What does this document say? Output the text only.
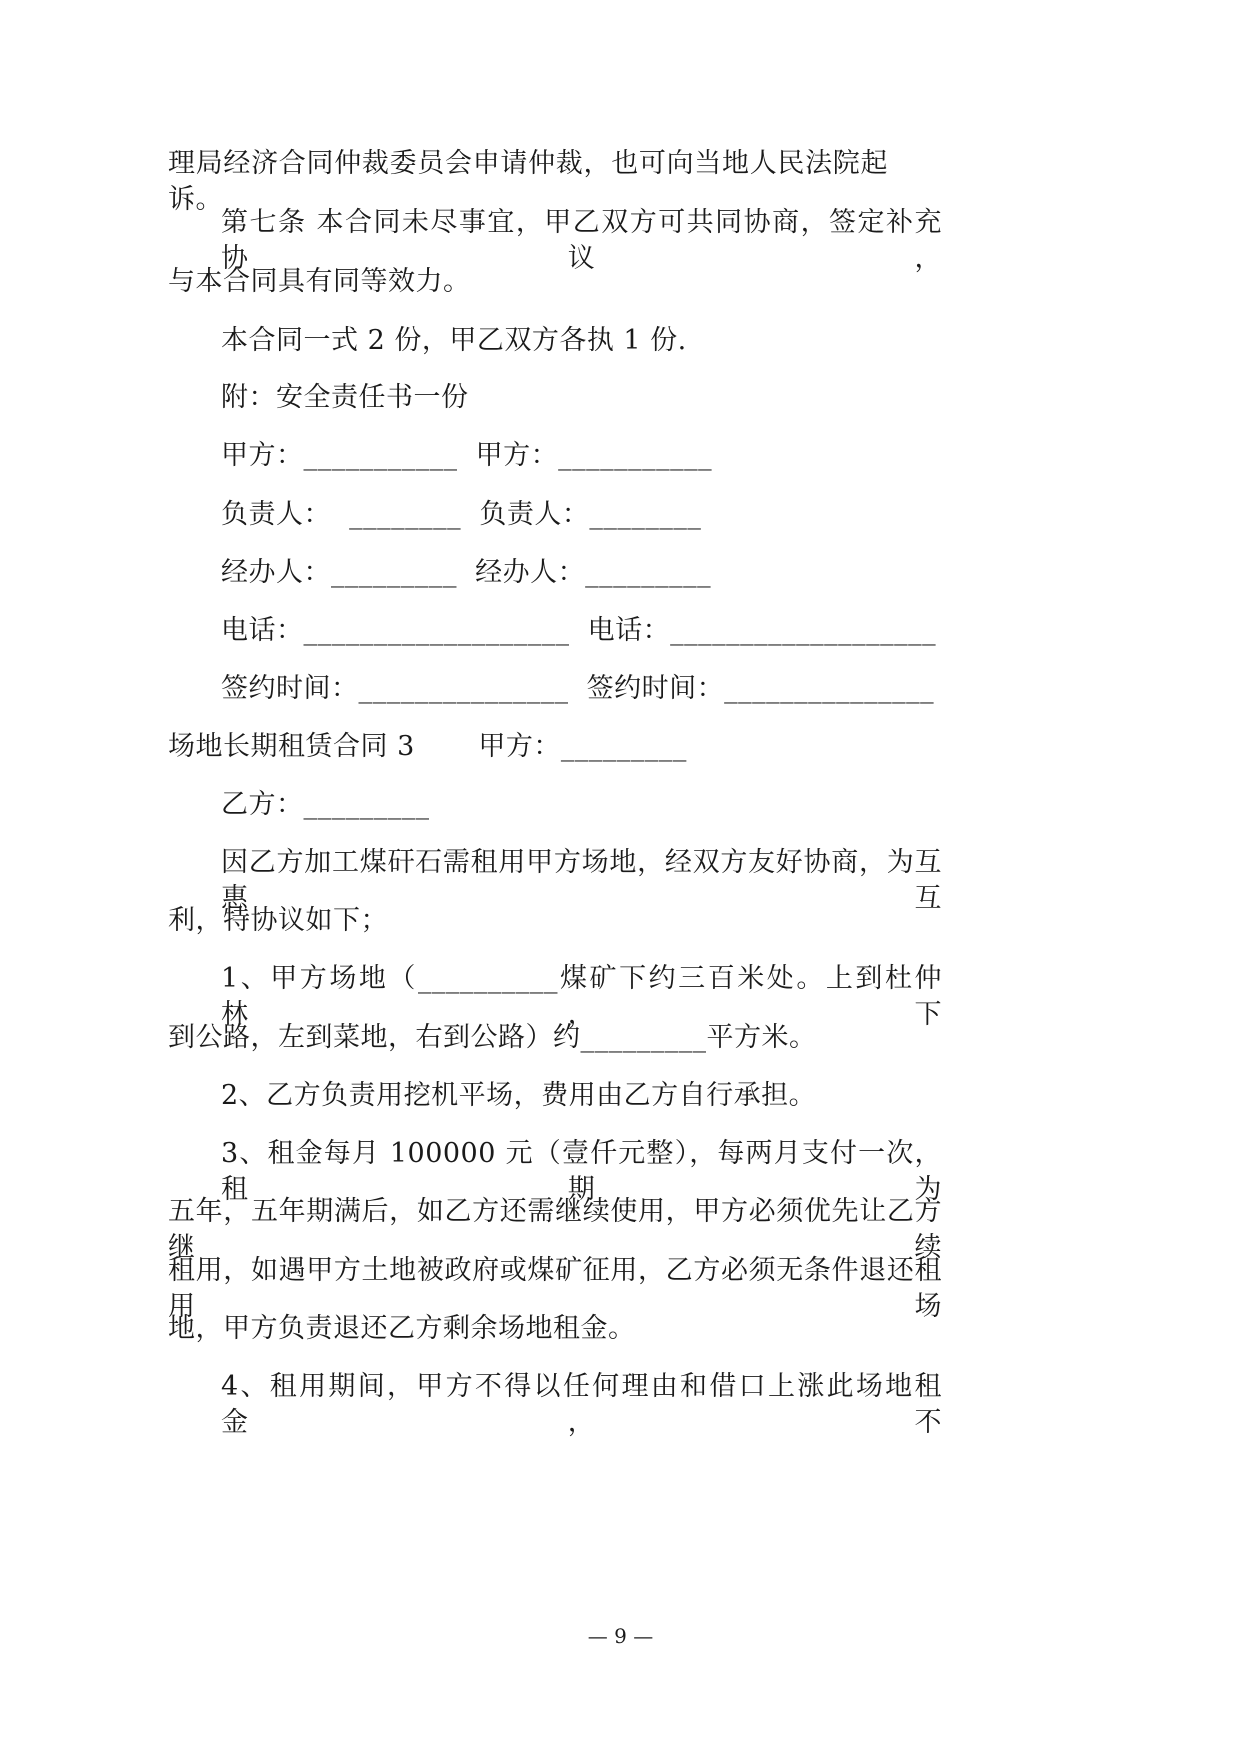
理局经济合同仲裁委员会申请仲裁，也可向当地人民法院起诉。
第七条 本合同未尽事宜，甲乙双方可共同协商，签定补充协议，
与本合同具有同等效力。
本合同一式 2 份，甲乙双方各执 1 份.
附：安全责任书一份
甲方：___________  甲方：___________
负责人：  ________  负责人：________
经办人：_________  经办人：_________
电话：___________________  电话：___________________
签约时间：_______________  签约时间：_______________
场地长期租赁合同 3       甲方：_________
乙方：_________
因乙方加工煤矸石需租用甲方场地，经双方友好协商，为互惠互
利，特协议如下；
1、甲方场地（__________煤矿下约三百米处。上到杜仲林，下
到公路，左到菜地，右到公路）约_________平方米。
2、乙方负责用挖机平场，费用由乙方自行承担。
3、租金每月 100000 元（壹仟元整），每两月支付一次，租期为
五年，五年期满后，如乙方还需继续使用，甲方必须优先让乙方继续
租用，如遇甲方土地被政府或煤矿征用，乙方必须无条件退还租用场
地，甲方负责退还乙方剩余场地租金。
4、租用期间，甲方不得以任何理由和借口上涨此场地租金，不
— 9 —
